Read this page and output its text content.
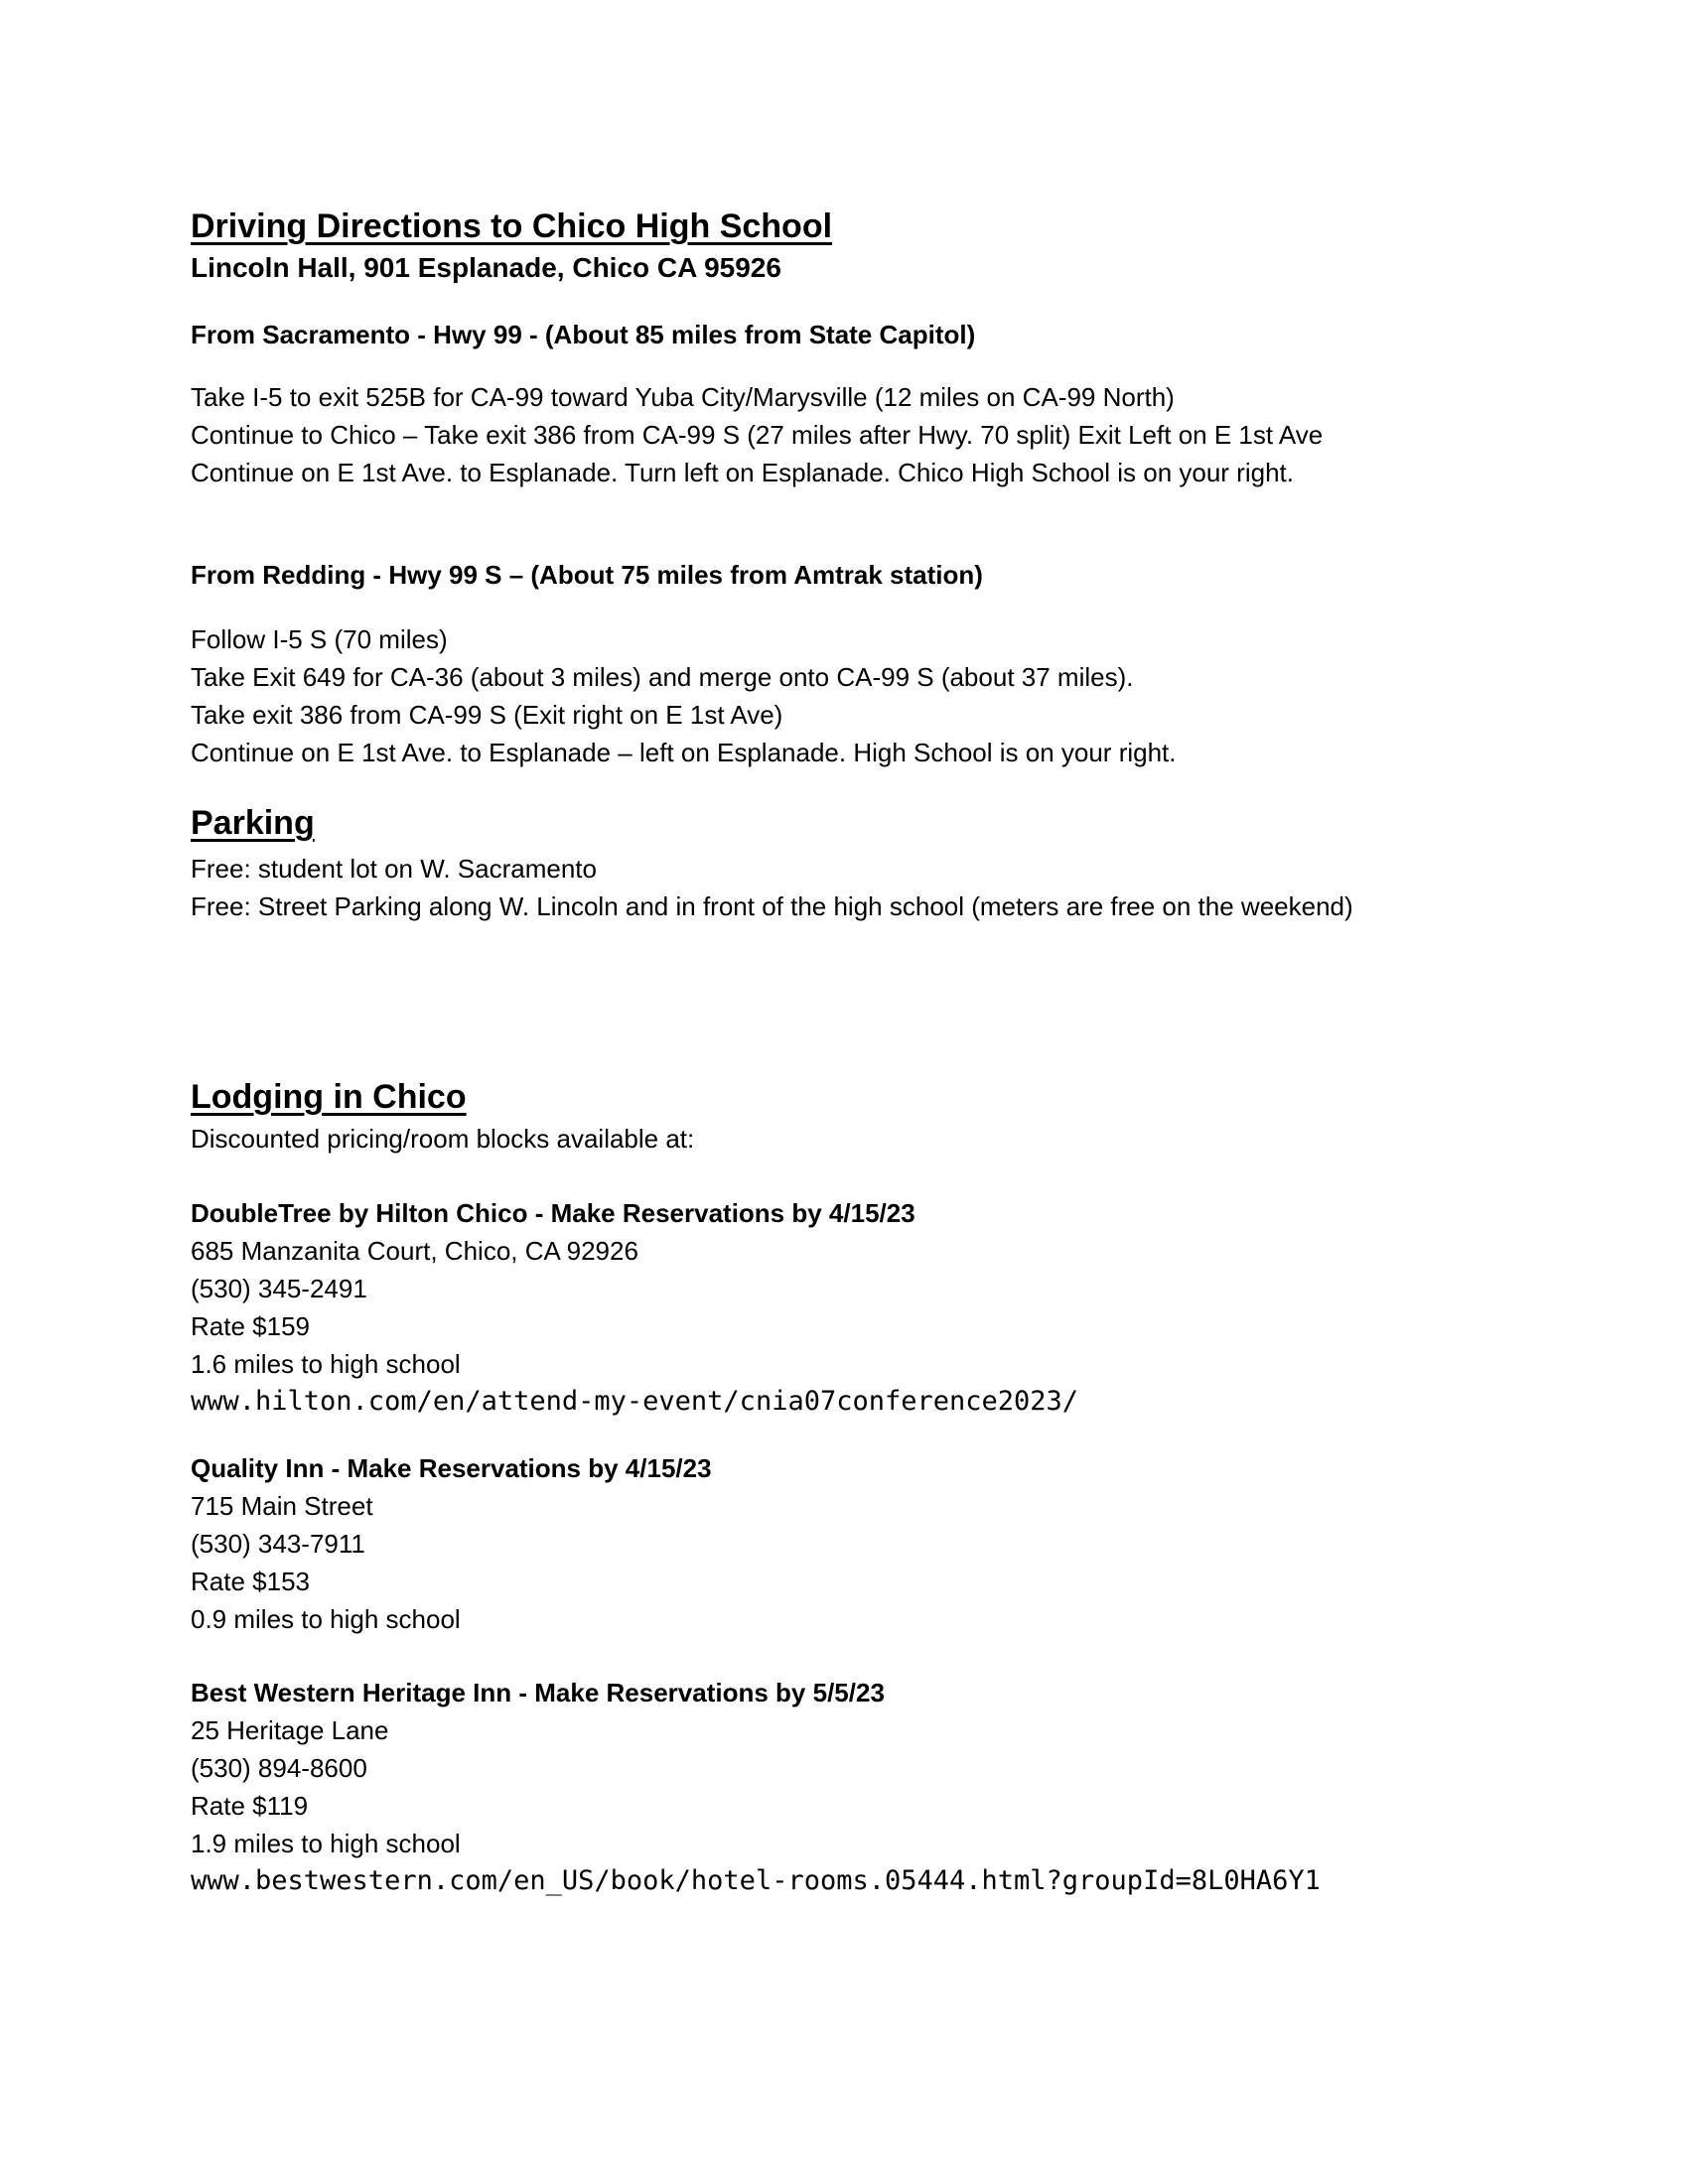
Driving Directions to Chico High School
Lincoln Hall, 901 Esplanade, Chico CA 95926
From Sacramento - Hwy 99 - (About 85 miles from State Capitol)
Take I-5 to exit 525B for CA-99 toward Yuba City/Marysville (12 miles on CA-99 North)
Continue to Chico – Take exit 386 from CA-99 S (27 miles after Hwy. 70 split) Exit Left on E 1st Ave
Continue on E 1st Ave. to Esplanade. Turn left on Esplanade. Chico High School is on your right.
From Redding - Hwy 99 S – (About 75 miles from Amtrak station)
Follow I-5 S (70 miles)
Take Exit 649 for CA-36 (about 3 miles) and merge onto CA-99 S (about 37 miles).
Take exit 386 from CA-99 S (Exit right on E 1st Ave)
Continue on E 1st Ave. to Esplanade – left on Esplanade. High School is on your right.
Parking
Free: student lot on W. Sacramento
Free: Street Parking along W. Lincoln and in front of the high school (meters are free on the weekend)
Lodging in Chico
Discounted pricing/room blocks available at:
DoubleTree by Hilton Chico - Make Reservations by 4/15/23
685 Manzanita Court, Chico, CA 92926
(530) 345-2491
Rate $159
1.6 miles to high school
www.hilton.com/en/attend-my-event/cnia07conference2023/
Quality Inn - Make Reservations by 4/15/23
715 Main Street
(530) 343-7911
Rate $153
0.9 miles to high school
Best Western Heritage Inn - Make Reservations by 5/5/23
25 Heritage Lane
(530) 894-8600
Rate $119
1.9 miles to high school
www.bestwestern.com/en_US/book/hotel-rooms.05444.html?groupId=8L0HA6Y1
